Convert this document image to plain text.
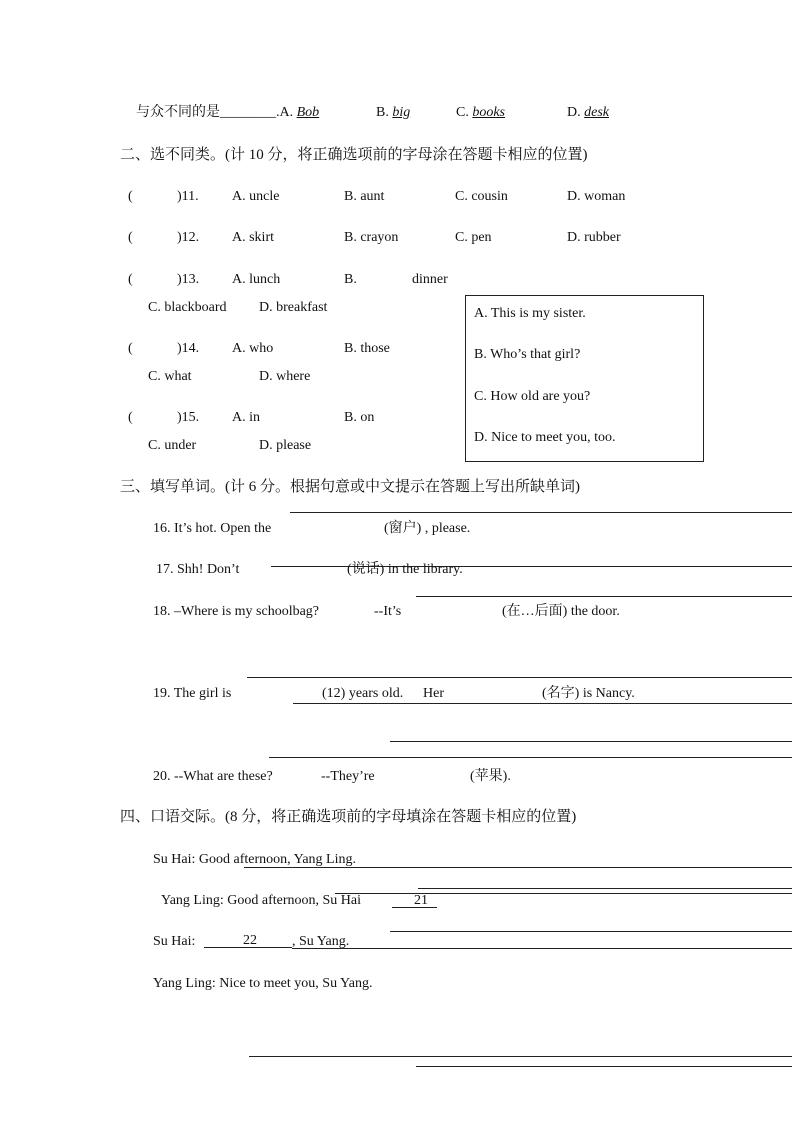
与众不同的是________.A. Bob	B. big	C. books	D. desk
二、选不同类。(计 10 分，将正确选项前的字母涂在答题卡相应的位置)
(	)11. A. uncle	B. aunt	C. cousin	D. woman
(	)12. A. skirt	B. crayon	C. pen	D. rubber
(	)13. A. lunch	B.	dinner
C. blackboard D. breakfast
(	)14. A. who	B. those
C. what	D. where
(	)15. A. in	B. on
C. under	D. please
A. This is my sister.
B. Who’s that girl?
C. How old are you?
D. Nice to meet you, too.
三、填写单词。(计 6 分。根据句意或中文提示在答题上写出所缺单词)
16. It’s hot. Open the	(窗户) , please.
17. Shh! Don’t	(说话) in the library.
18. –Where is my schoolbag?	--It’s	(在…后面) the door.
19. The girl is	(12) years old. Her	(名字) is Nancy.
20. --What are these?	--They’re	(苹果).
四、口语交际。(8 分，将正确选项前的字母填涂在答题卡相应的位置)
Su Hai: Good afternoon, Yang Ling.
Yang Ling: Good afternoon, Su Hai	21
Su Hai:	22	, Su Yang.
Yang Ling: Nice to meet you, Su Yang.
